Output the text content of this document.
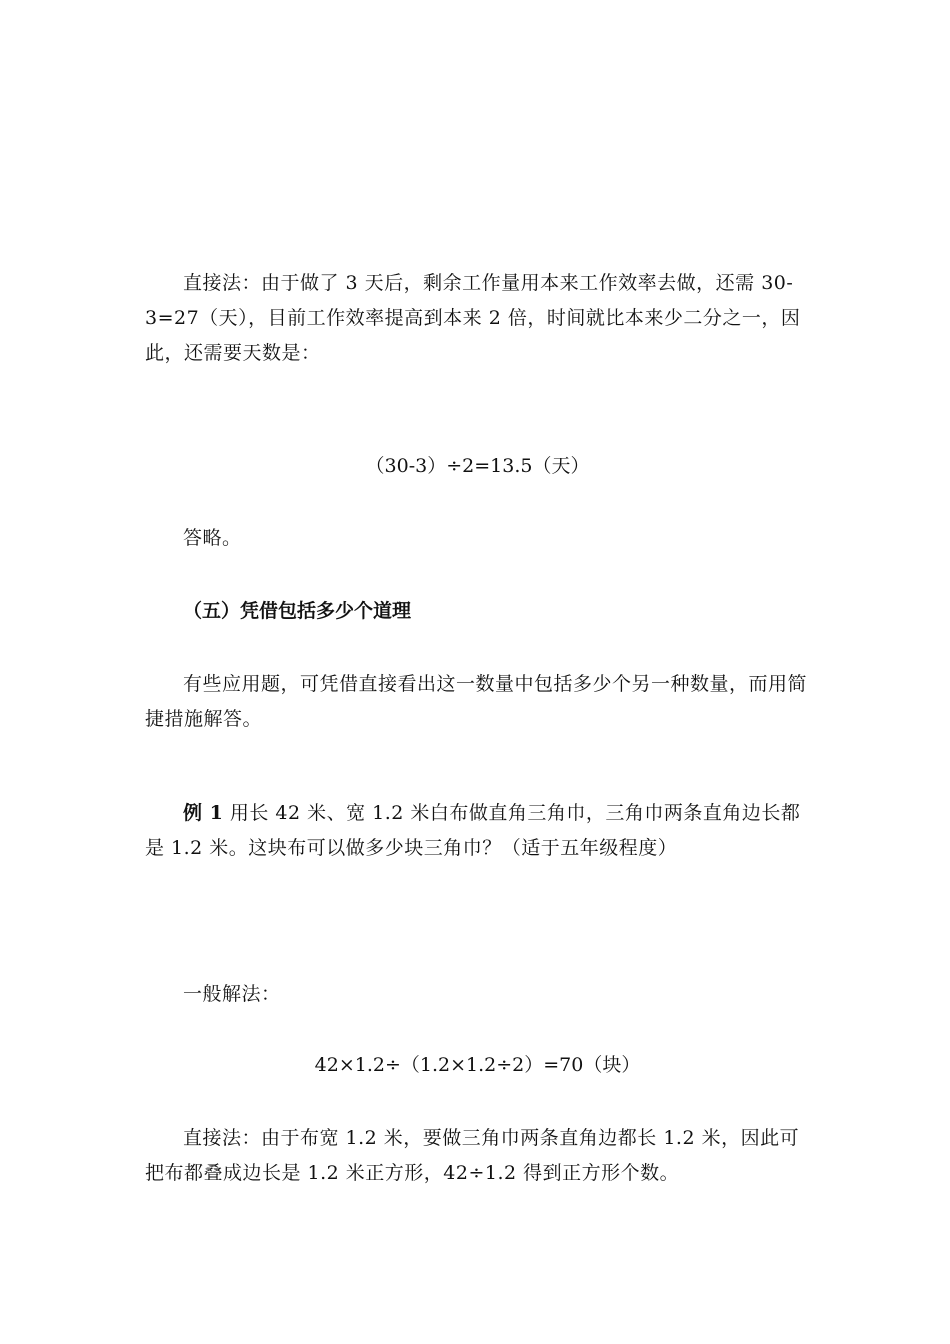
直接法：由于做了 3 天后，剩余工作量用本来工作效率去做，还需 30-3=27（天），目前工作效率提高到本来 2 倍，时间就比本来少二分之一，因此，还需要天数是：

（30-3）÷2=13.5（天）

答略。

（五）凭借包括多少个道理

有些应用题，可凭借直接看出这一数量中包括多少个另一种数量，而用简捷措施解答。

例 1 用长 42 米、宽 1.2 米白布做直角三角巾，三角巾两条直角边长都是 1.2 米。这块布可以做多少块三角巾？（适于五年级程度）

一般解法：

42×1.2÷（1.2×1.2÷2）=70（块）

直接法：由于布宽 1.2 米，要做三角巾两条直角边都长 1.2 米，因此可把布都叠成边长是 1.2 米正方形，42÷1.2 得到正方形个数。
